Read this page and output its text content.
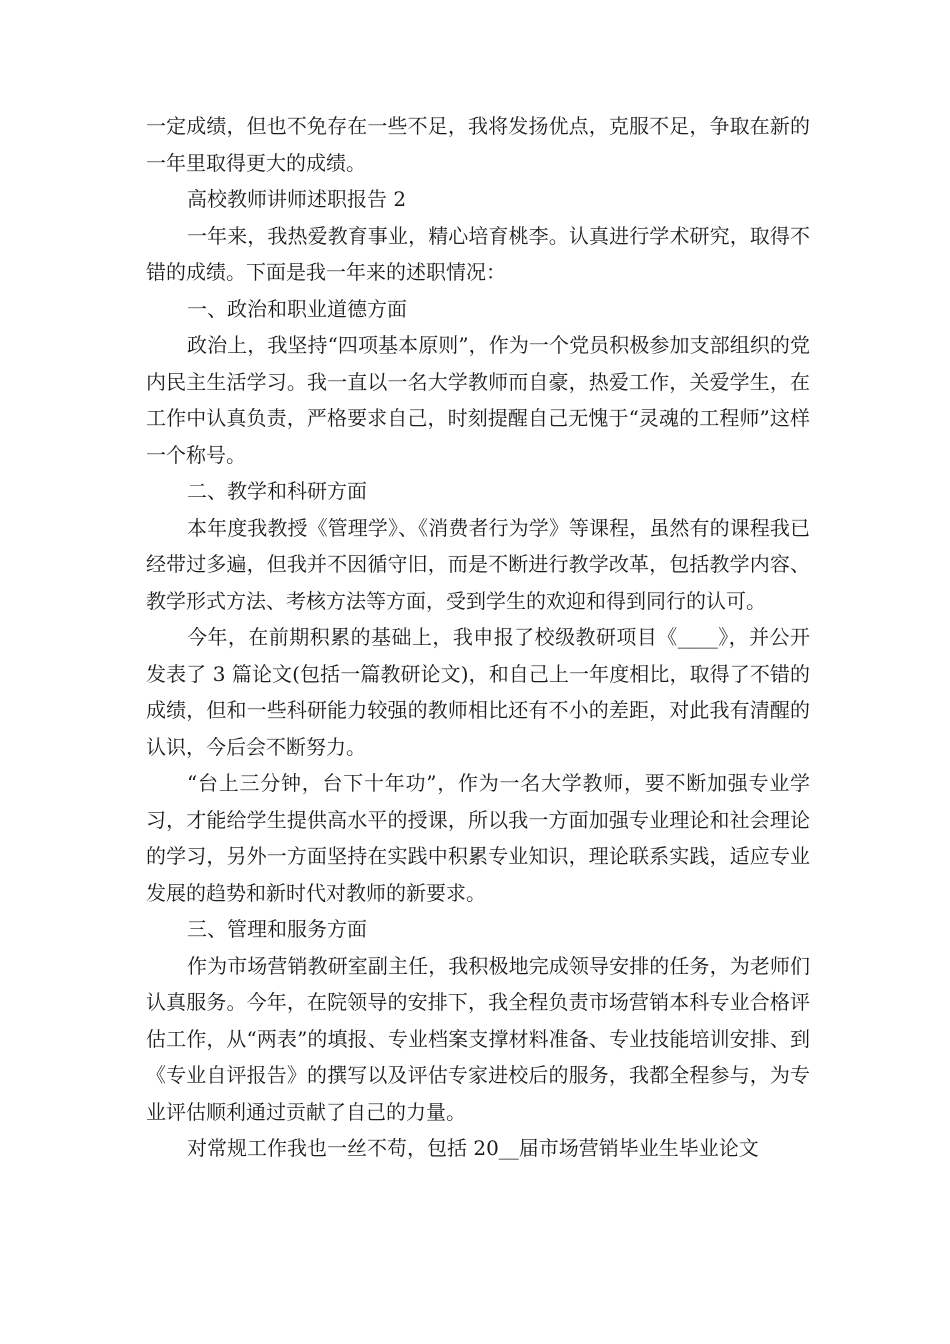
一定成绩，但也不免存在一些不足，我将发扬优点，克服不足，争取在新的一年里取得更大的成绩。

高校教师讲师述职报告 2

一年来，我热爱教育事业，精心培育桃李。认真进行学术研究，取得不错的成绩。下面是我一年来的述职情况：

一、政治和职业道德方面

政治上，我坚持“四项基本原则”，作为一个党员积极参加支部组织的党内民主生活学习。我一直以一名大学教师而自豪，热爱工作，关爱学生，在工作中认真负责，严格要求自己，时刻提醒自己无愧于“灵魂的工程师”这样一个称号。

二、教学和科研方面

本年度我教授《管理学》、《消费者行为学》等课程，虽然有的课程我已经带过多遍，但我并不因循守旧，而是不断进行教学改革，包括教学内容、教学形式方法、考核方法等方面，受到学生的欢迎和得到同行的认可。

今年，在前期积累的基础上，我申报了校级教研项目《____》，并公开发表了 3 篇论文(包括一篇教研论文)，和自己上一年度相比，取得了不错的成绩，但和一些科研能力较强的教师相比还有不小的差距，对此我有清醒的认识，今后会不断努力。

“台上三分钟，台下十年功”，作为一名大学教师，要不断加强专业学习，才能给学生提供高水平的授课，所以我一方面加强专业理论和社会理论的学习，另外一方面坚持在实践中积累专业知识，理论联系实践，适应专业发展的趋势和新时代对教师的新要求。

三、管理和服务方面

作为市场营销教研室副主任，我积极地完成领导安排的任务，为老师们认真服务。今年，在院领导的安排下，我全程负责市场营销本科专业合格评估工作，从“两表”的填报、专业档案支撑材料准备、专业技能培训安排、到《专业自评报告》的撰写以及评估专家进校后的服务，我都全程参与，为专业评估顺利通过贡献了自己的力量。

对常规工作我也一丝不苟，包括 20__届市场营销毕业生毕业论文
